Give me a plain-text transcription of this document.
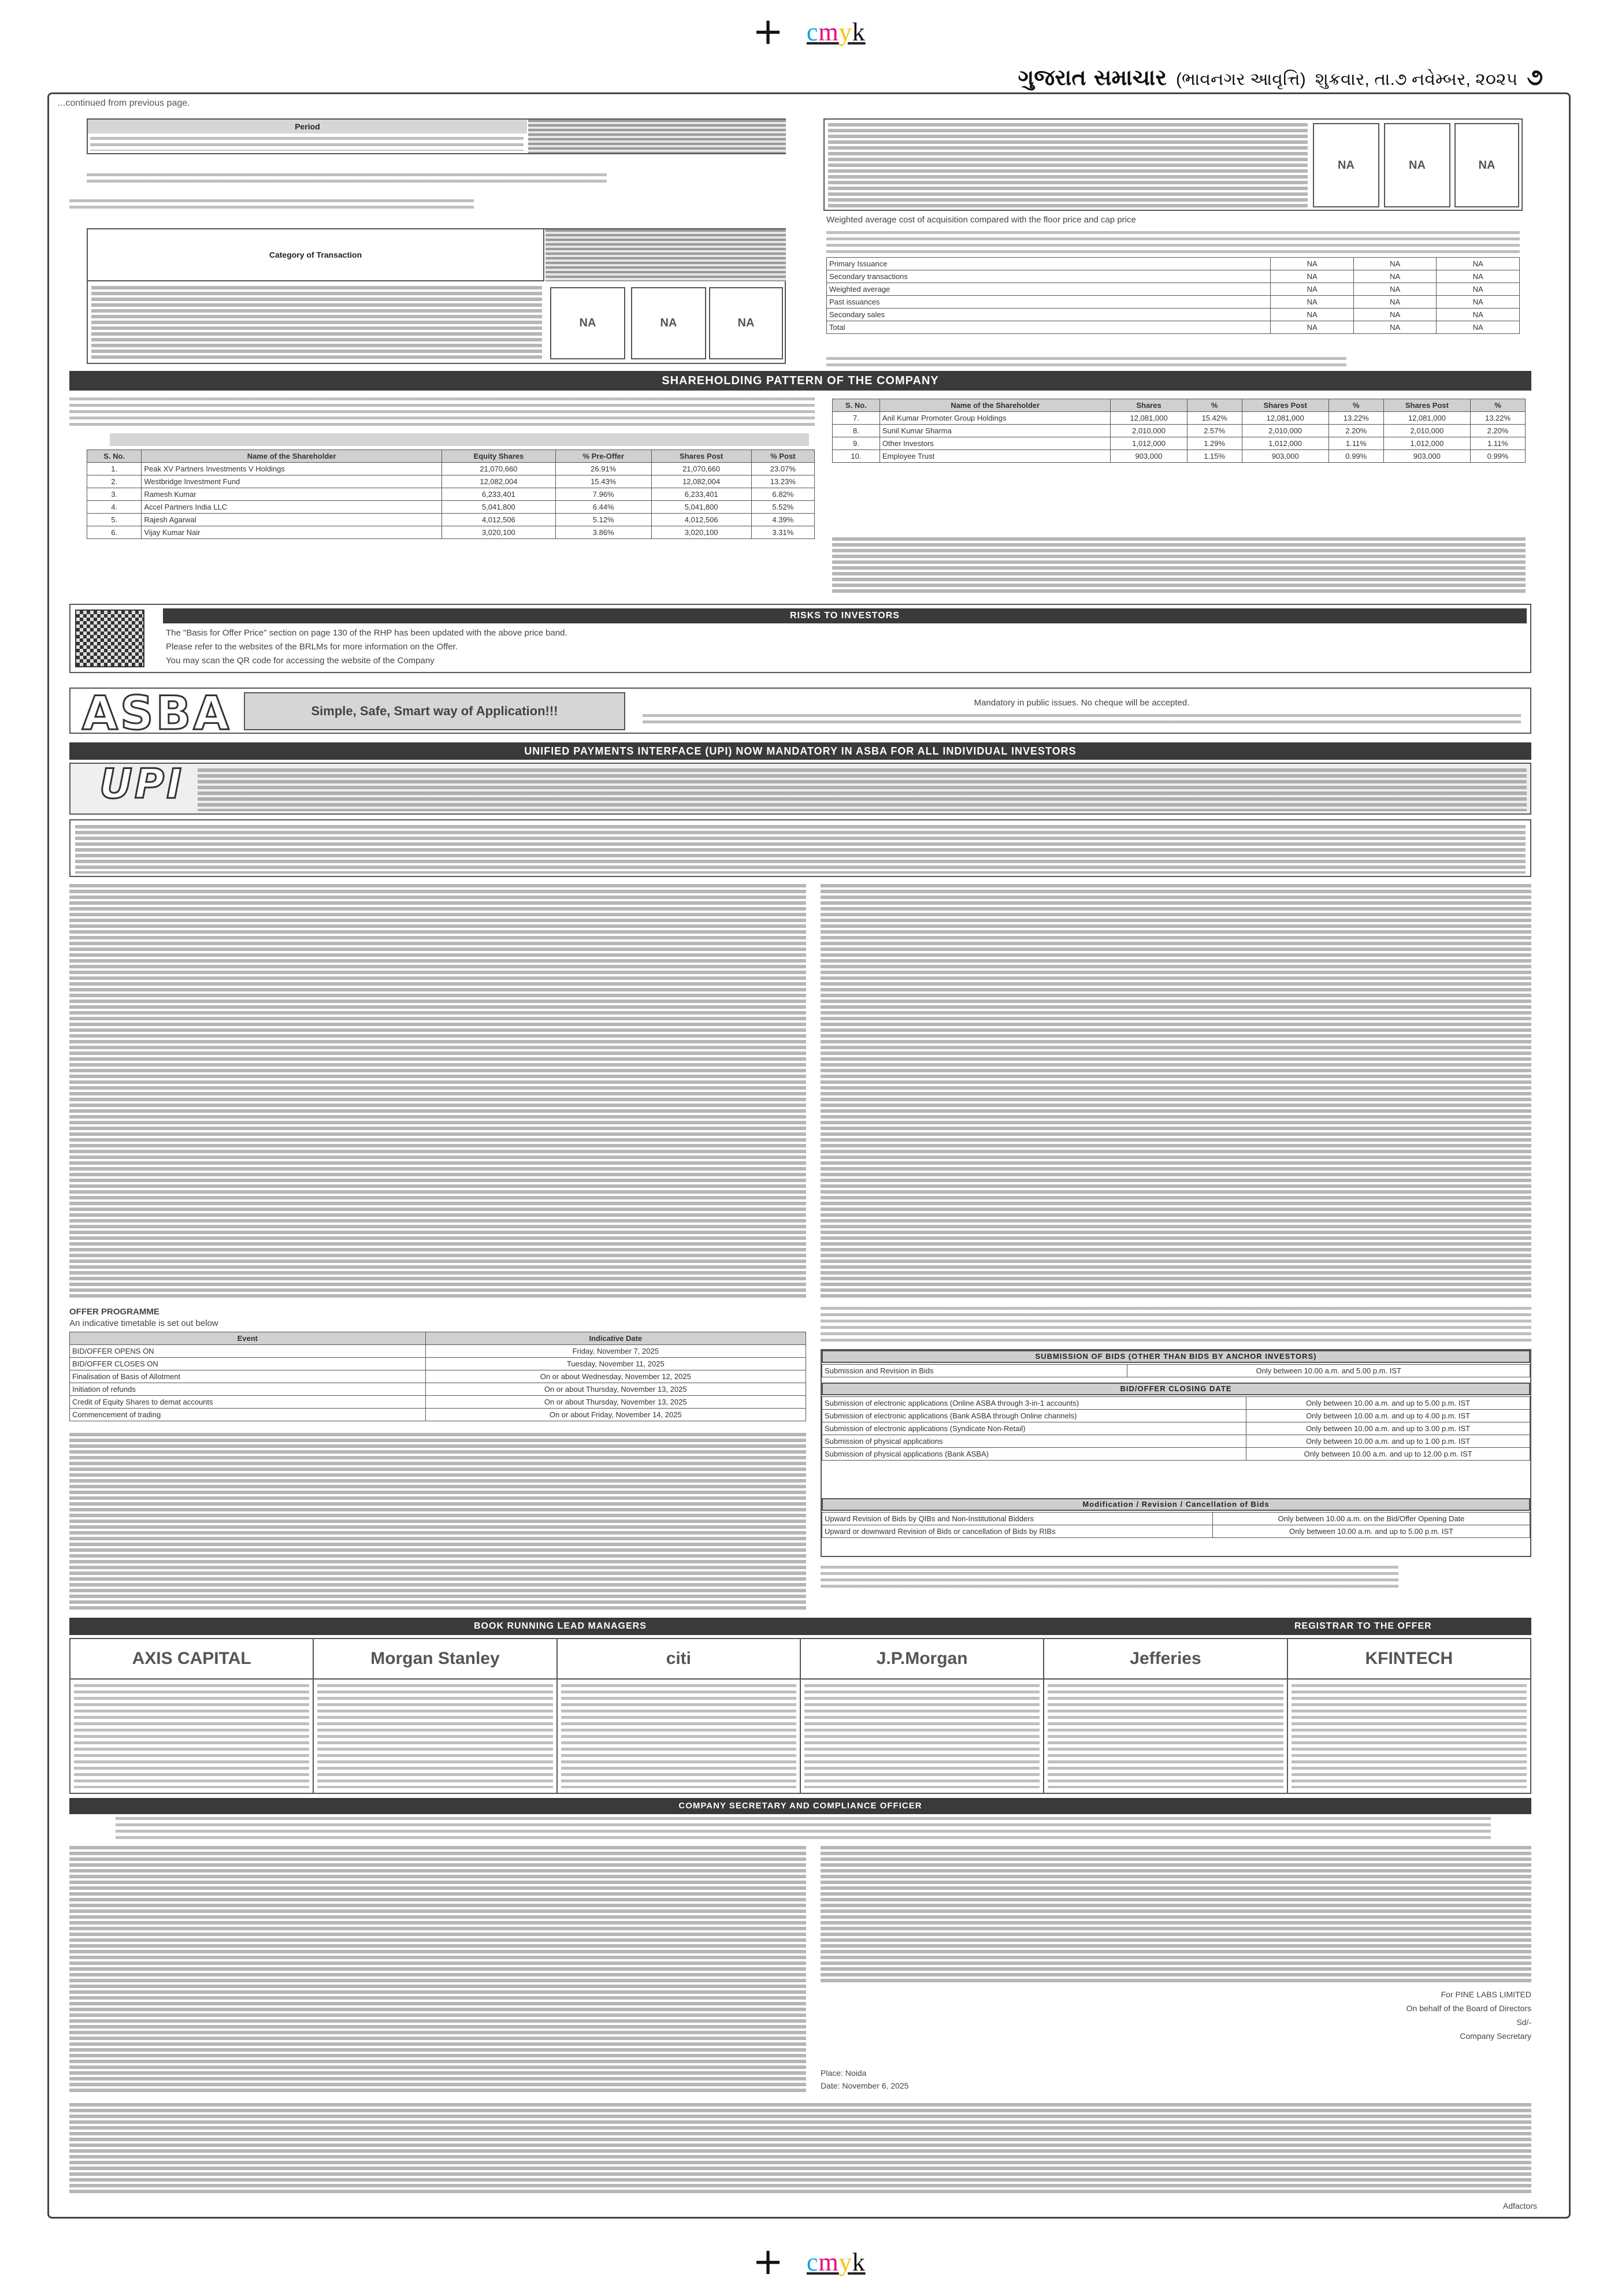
+ cmyk
ગુજરાત સમાચાર (ભાવનગર આવૃત્તિ) શુક્રવાર, તા.૭ નવેમ્બર, ૨૦૨૫ ૭
...continued from previous page.
Period
Category of Transaction
NA	NA	NA
NA	NA	NA
Weighted average cost of acquisition compared with the floor price and cap price
Primary Issuance	NA	NA	NA
Secondary transactions	NA	NA	NA
Weighted average	NA	NA	NA
Past issuances	NA	NA	NA
Secondary sales	NA	NA	NA
Total	NA	NA	NA
SHAREHOLDING PATTERN OF THE COMPANY
S. No.	Name of the Shareholder	Equity Shares	% Pre-Offer	Shares Post	% Post
1.	Peak XV Partners Investments V Holdings	21,070,660	26.91%	21,070,660	23.07%
2.	Westbridge Investment Fund	12,082,004	15.43%	12,082,004	13.23%
3.	Ramesh Kumar	6,233,401	7.96%	6,233,401	6.82%
4.	Accel Partners India LLC	5,041,800	6.44%	5,041,800	5.52%
5.	Rajesh Agarwal	4,012,506	5.12%	4,012,506	4.39%
6.	Vijay Kumar Nair	3,020,100	3.86%	3,020,100	3.31%
S. No.	Name of the Shareholder	Shares	%	Shares Post	%	Shares Post	%
7.	Anil Kumar Promoter Group Holdings	12,081,000	15.42%	12,081,000	13.22%	12,081,000	13.22%
8.	Sunil Kumar Sharma	2,010,000	2.57%	2,010,000	2.20%	2,010,000	2.20%
9.	Other Investors	1,012,000	1.29%	1,012,000	1.11%	1,012,000	1.11%
10.	Employee Trust	903,000	1.15%	903,000	0.99%	903,000	0.99%
RISKS TO INVESTORS
The "Basis for Offer Price" section on page 130 of the RHP has been updated with the above price band.
Please refer to the websites of the BRLMs for more information on the Offer.
You may scan the QR code for accessing the website of the Company
ASBA	Simple, Safe, Smart way of Application!!!
Mandatory in public issues. No cheque will be accepted.
UNIFIED PAYMENTS INTERFACE (UPI) NOW MANDATORY IN ASBA FOR ALL INDIVIDUAL INVESTORS
UPI
OFFER PROGRAMME
An indicative timetable is set out below
Event	Indicative Date
BID/OFFER OPENS ON	Friday, November 7, 2025
BID/OFFER CLOSES ON	Tuesday, November 11, 2025
Finalisation of Basis of Allotment	On or about Wednesday, November 12, 2025
Initiation of refunds	On or about Thursday, November 13, 2025
Credit of Equity Shares to demat accounts	On or about Thursday, November 13, 2025
Commencement of trading	On or about Friday, November 14, 2025
SUBMISSION OF BIDS (OTHER THAN BIDS BY ANCHOR INVESTORS)
Submission and Revision in Bids	Only between 10.00 a.m. and 5.00 p.m. IST
BID/OFFER CLOSING DATE
Submission of electronic applications (Online ASBA through 3-in-1 accounts)	Only between 10.00 a.m. and up to 5.00 p.m. IST
Submission of electronic applications (Bank ASBA through Online channels)	Only between 10.00 a.m. and up to 4.00 p.m. IST
Submission of electronic applications (Syndicate Non-Retail)	Only between 10.00 a.m. and up to 3.00 p.m. IST
Submission of physical applications	Only between 10.00 a.m. and up to 1.00 p.m. IST
Submission of physical applications (Bank ASBA)	Only between 10.00 a.m. and up to 12.00 p.m. IST
Modification / Revision / Cancellation of Bids
Upward Revision of Bids by QIBs and Non-Institutional Bidders	Only between 10.00 a.m. on the Bid/Offer Opening Date
Upward or downward Revision of Bids or cancellation of Bids by RIBs	Only between 10.00 a.m. and up to 5.00 p.m. IST
BOOK RUNNING LEAD MANAGERS	REGISTRAR TO THE OFFER
AXIS CAPITAL	Morgan Stanley	citi	J.P.Morgan	Jefferies	KFINTECH
COMPANY SECRETARY AND COMPLIANCE OFFICER
For PINE LABS LIMITED
On behalf of the Board of Directors
Sd/-
Company Secretary
Place: Noida
Date: November 6, 2025
Adfactors
+ cmyk
